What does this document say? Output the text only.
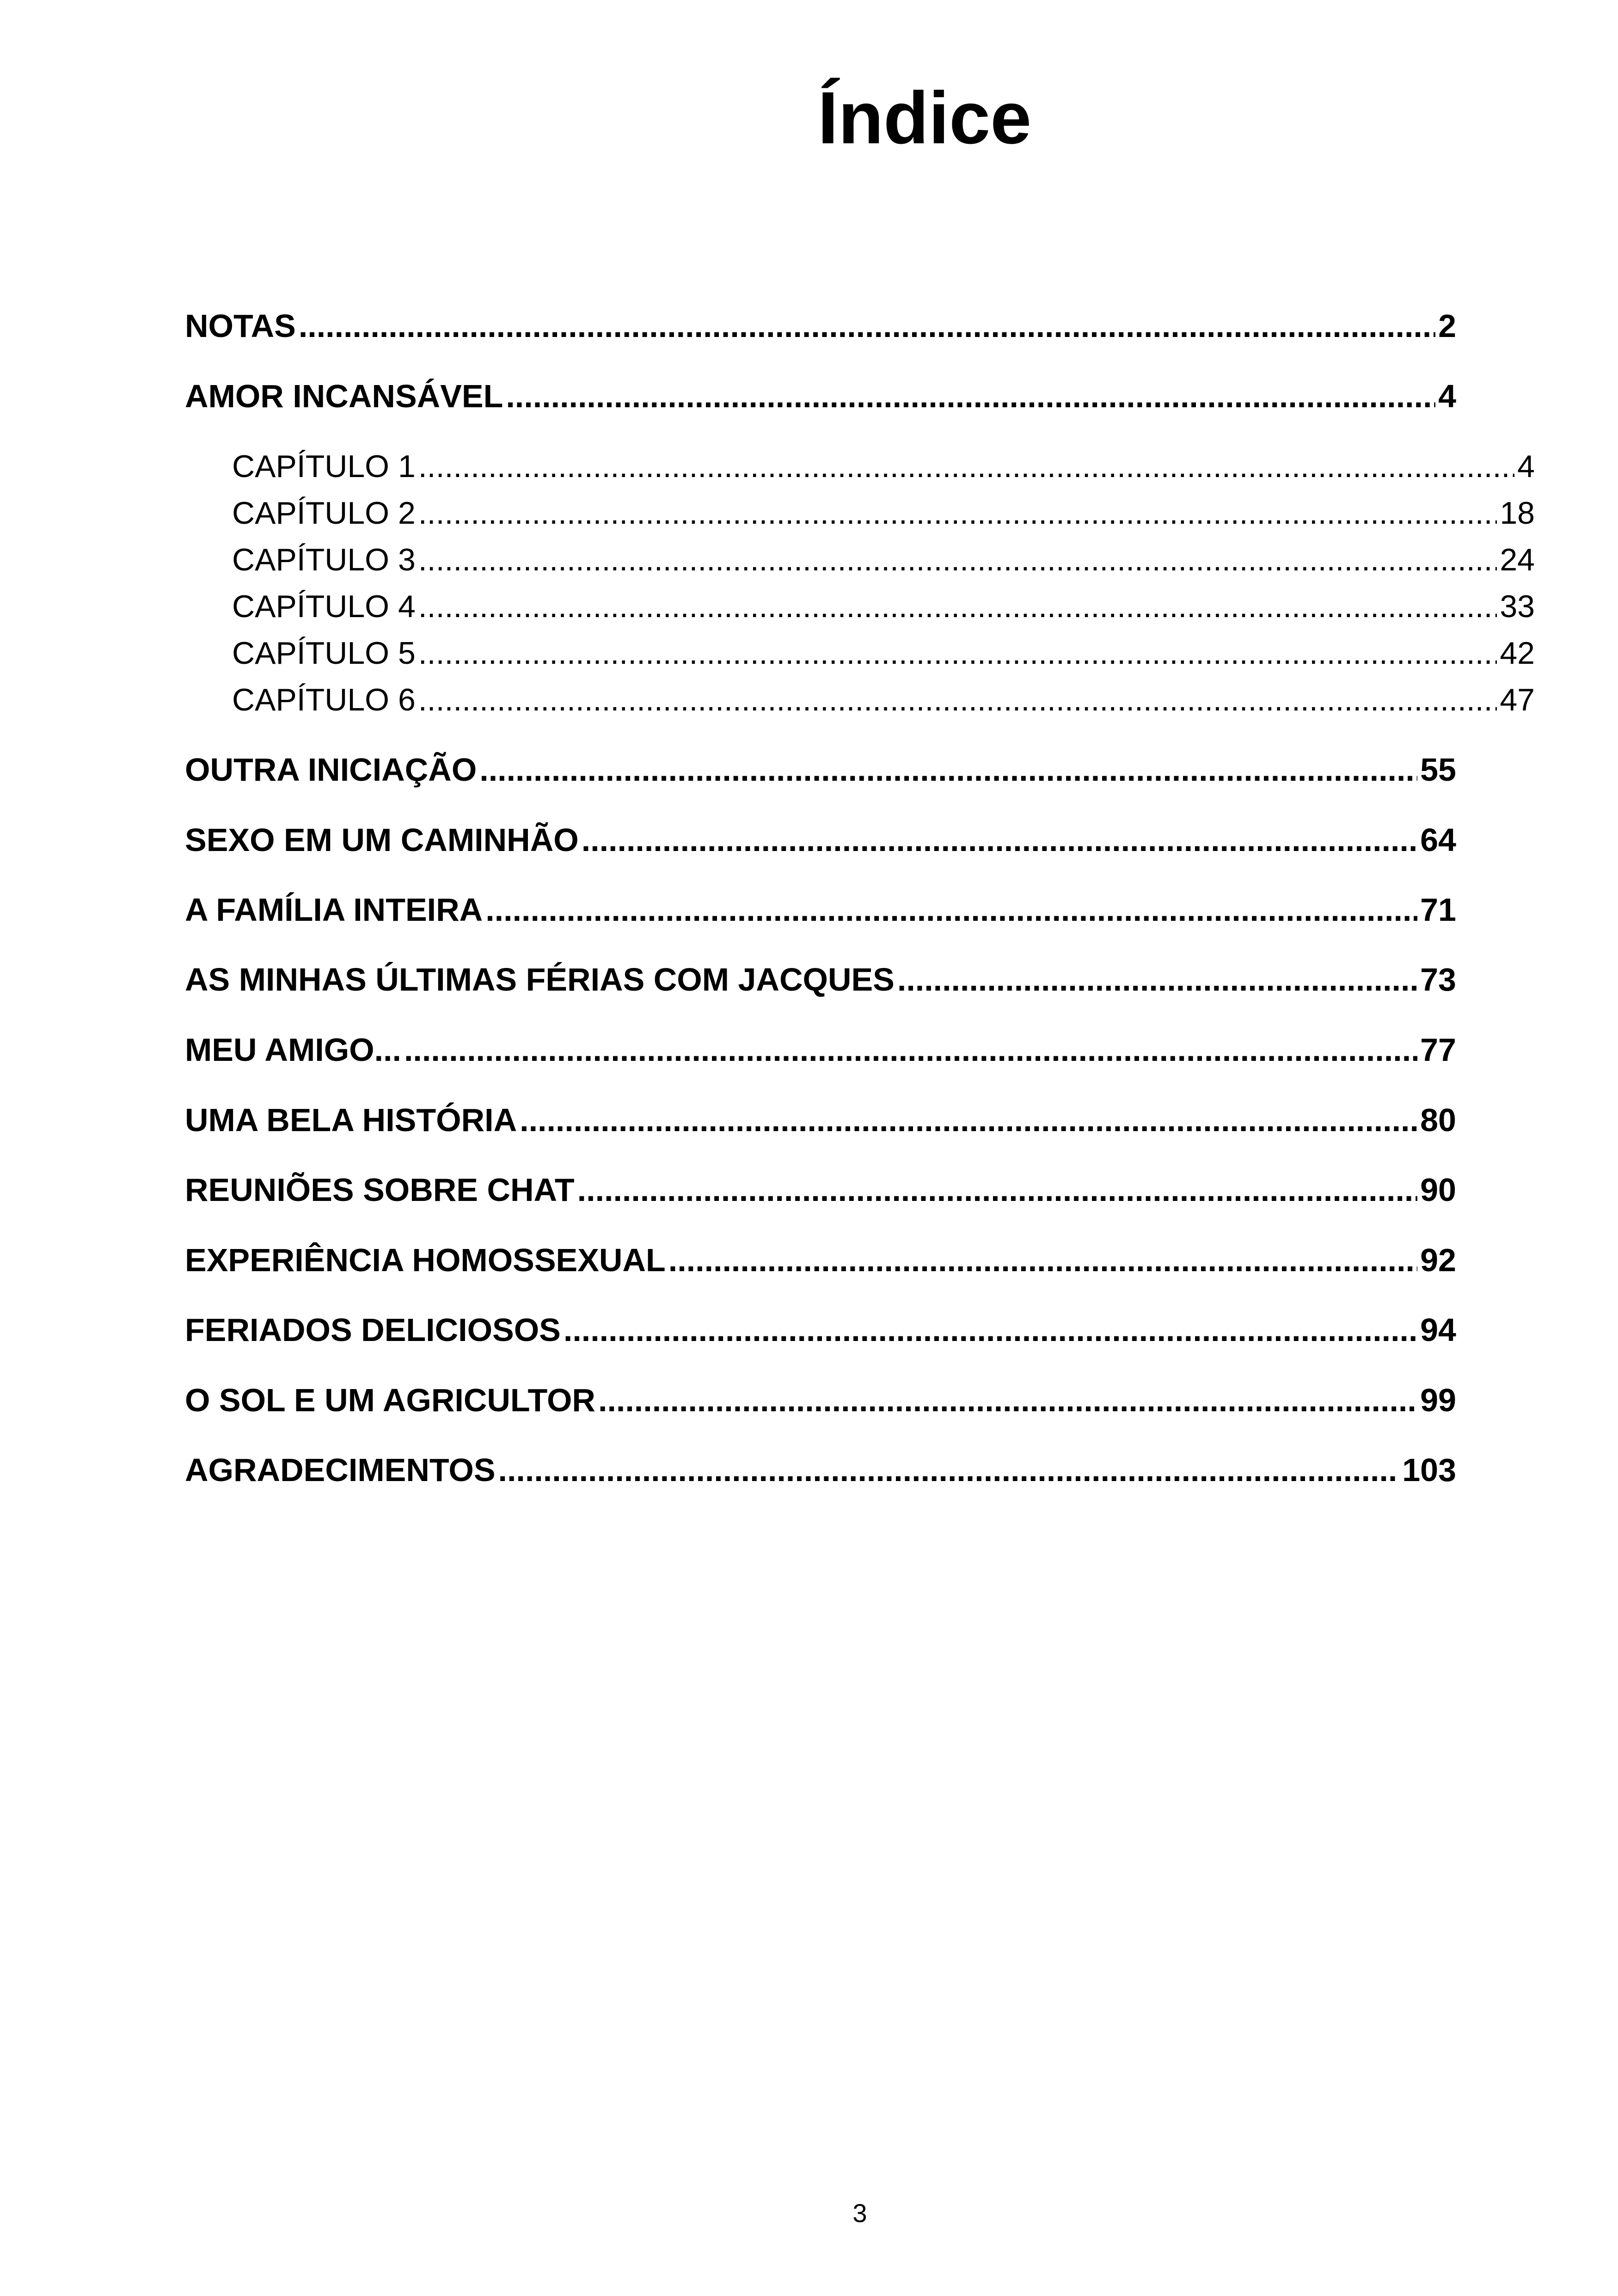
Índice
NOTAS .....	2
AMOR INCANSÁVEL .....	4
CAPÍTULO 1 .....	4
CAPÍTULO 2 .....	18
CAPÍTULO 3 .....	24
CAPÍTULO 4 .....	33
CAPÍTULO 5 .....	42
CAPÍTULO 6 .....	47
OUTRA INICIAÇÃO .....	55
SEXO EM UM CAMINHÃO .....	64
A FAMÍLIA INTEIRA .....	71
AS MINHAS ÚLTIMAS FÉRIAS COM JACQUES .....	73
MEU AMIGO... .....	77
UMA BELA HISTÓRIA .....	80
REUNIÕES SOBRE CHAT .....	90
EXPERIÊNCIA HOMOSSEXUAL .....	92
FERIADOS DELICIOSOS .....	94
O SOL E UM AGRICULTOR .....	99
AGRADECIMENTOS .....	103
3
